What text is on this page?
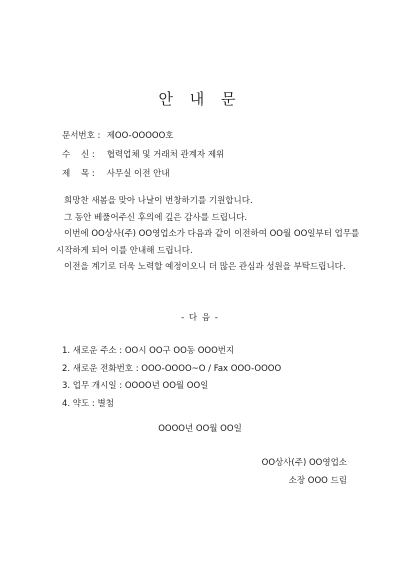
안 내 문
문서번호 : 제OO-OOOOO호
수    신 : 협력업체 및 거래처 관계자 제위
제    목 : 사무실 이전 안내

희망찬 새봄을 맞아 나날이 번창하기를 기원합니다.

그 동안 베풀어주신 후의에 깊은 감사를 드립니다.

이번에 OO상사(주) OO영업소가 다음과 같이 이전하여 OO월 OO일부터 업무를 시작하게 되어 이를 안내해 드립니다.

이전을 계기로 더욱 노력할 예정이오니 더 많은 관심과 성원을 부탁드립니다.

- 다 음 -
1. 새로운 주소 : OO시 OO구 OO동 OOO번지
2. 새로운 전화번호 : OOO-OOOO~O / Fax OOO-OOOO
3. 업무 개시일 : OOOO년 OO월 OO일
4. 약도 : 별첨
OOOO년 OO월 OO일
OO상사(주) OO영업소
소장 OOO 드림
